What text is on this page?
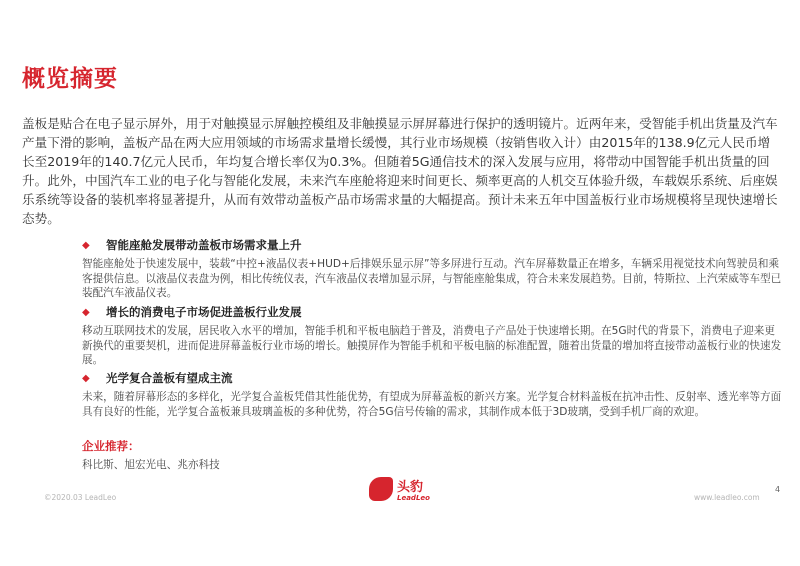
概览摘要
盖板是贴合在电子显示屏外，用于对触摸显示屏触控模组及非触摸显示屏屏幕进行保护的透明镜片。近两年来，受智能手机出货量及汽车产量下滑的影响，盖板产品在两大应用领域的市场需求量增长缓慢，其行业市场规模（按销售收入计）由2015年的138.9亿元人民币增长至2019年的140.7亿元人民币，年均复合增长率仅为0.3%。但随着5G通信技术的深入发展与应用，将带动中国智能手机出货量的回升。此外，中国汽车工业的电子化与智能化发展，未来汽车座舱将迎来时间更长、频率更高的人机交互体验升级，车载娱乐系统、后座娱乐系统等设备的装机率将显著提升，从而有效带动盖板产品市场需求量的大幅提高。预计未来五年中国盖板行业市场规模将呈现快速增长态势。
◆	智能座舱发展带动盖板市场需求量上升
智能座舱处于快速发展中，装载“中控+液晶仪表+HUD+后排娱乐显示屏”等多屏进行互动。汽车屏幕数量正在增多，车辆采用视觉技术向驾驶员和乘客提供信息。以液晶仪表盘为例，相比传统仪表，汽车液晶仪表增加显示屏，与智能座舱集成，符合未来发展趋势。目前，特斯拉、上汽荣威等车型已装配汽车液晶仪表。
◆	增长的消费电子市场促进盖板行业发展
移动互联网技术的发展，居民收入水平的增加，智能手机和平板电脑趋于普及，消费电子产品处于快速增长期。在5G时代的背景下，消费电子迎来更新换代的重要契机，进而促进屏幕盖板行业市场的增长。触摸屏作为智能手机和平板电脑的标准配置，随着出货量的增加将直接带动盖板行业的快速发展。
◆	光学复合盖板有望成主流
未来，随着屏幕形态的多样化，光学复合盖板凭借其性能优势，有望成为屏幕盖板的新兴方案。光学复合材料盖板在抗冲击性、反射率、透光率等方面具有良好的性能，光学复合盖板兼具玻璃盖板的多种优势，符合5G信号传输的需求，其制作成本低于3D玻璃，受到手机厂商的欢迎。
企业推荐：
科比斯、旭宏光电、兆亦科技
©2020.03 LeadLeo
头豹
LeadLeo	www.leadleo.com
4
